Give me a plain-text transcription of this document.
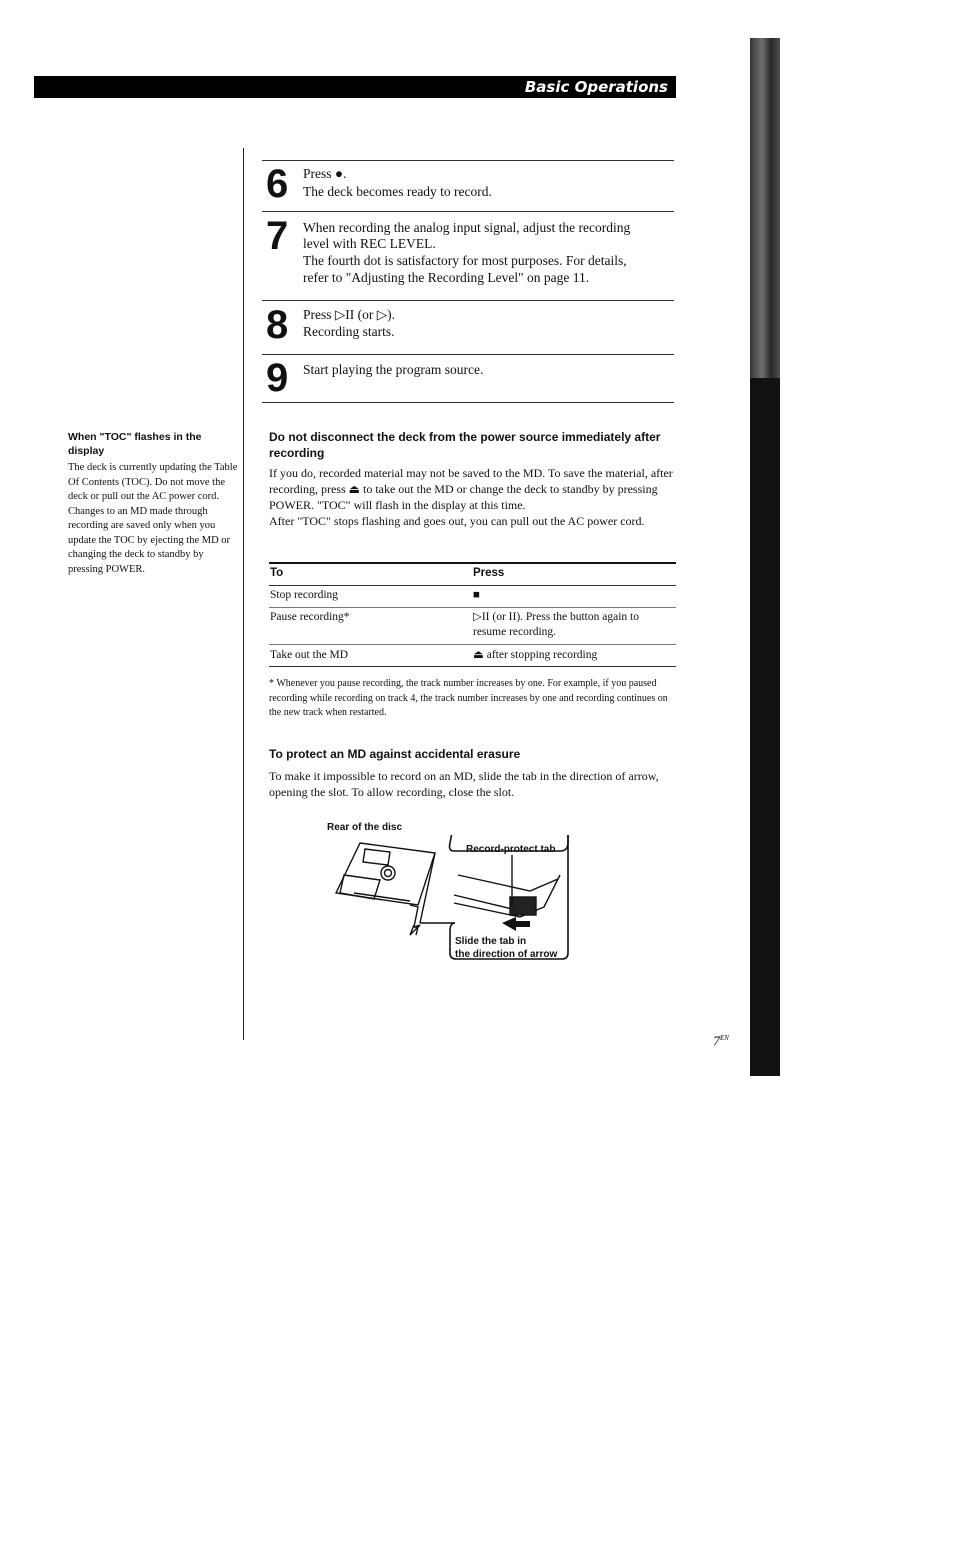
Basic Operations
6 Press ●.
The deck becomes ready to record.
7 When recording the analog input signal, adjust the recording
level with REC LEVEL.
The fourth dot is satisfactory for most purposes. For details,
refer to "Adjusting the Recording Level" on page 11.
8 Press ▷II (or ▷).
Recording starts.
9 Start playing the program source.
When "TOC" flashes in the display
The deck is currently updating the Table Of Contents (TOC). Do not move the deck or pull out the AC power cord. Changes to an MD made through recording are saved only when you update the TOC by ejecting the MD or changing the deck to standby by pressing POWER.
Do not disconnect the deck from the power source immediately after recording
If you do, recorded material may not be saved to the MD. To save the material, after recording, press ⏏ to take out the MD or change the deck to standby by pressing POWER. "TOC" will flash in the display at this time.
After "TOC" stops flashing and goes out, you can pull out the AC power cord.
To	Press
Stop recording	■
Pause recording*	▷II (or II). Press the button again to resume recording.
Take out the MD	⏏ after stopping recording
* Whenever you pause recording, the track number increases by one. For example, if you paused recording while recording on track 4, the track number increases by one and recording continues on the new track when restarted.
To protect an MD against accidental erasure
To make it impossible to record on an MD, slide the tab in the direction of arrow, opening the slot. To allow recording, close the slot.
Rear of the disc
Record-protect tab
Slide the tab in
the direction of arrow
$7^{EN}$
